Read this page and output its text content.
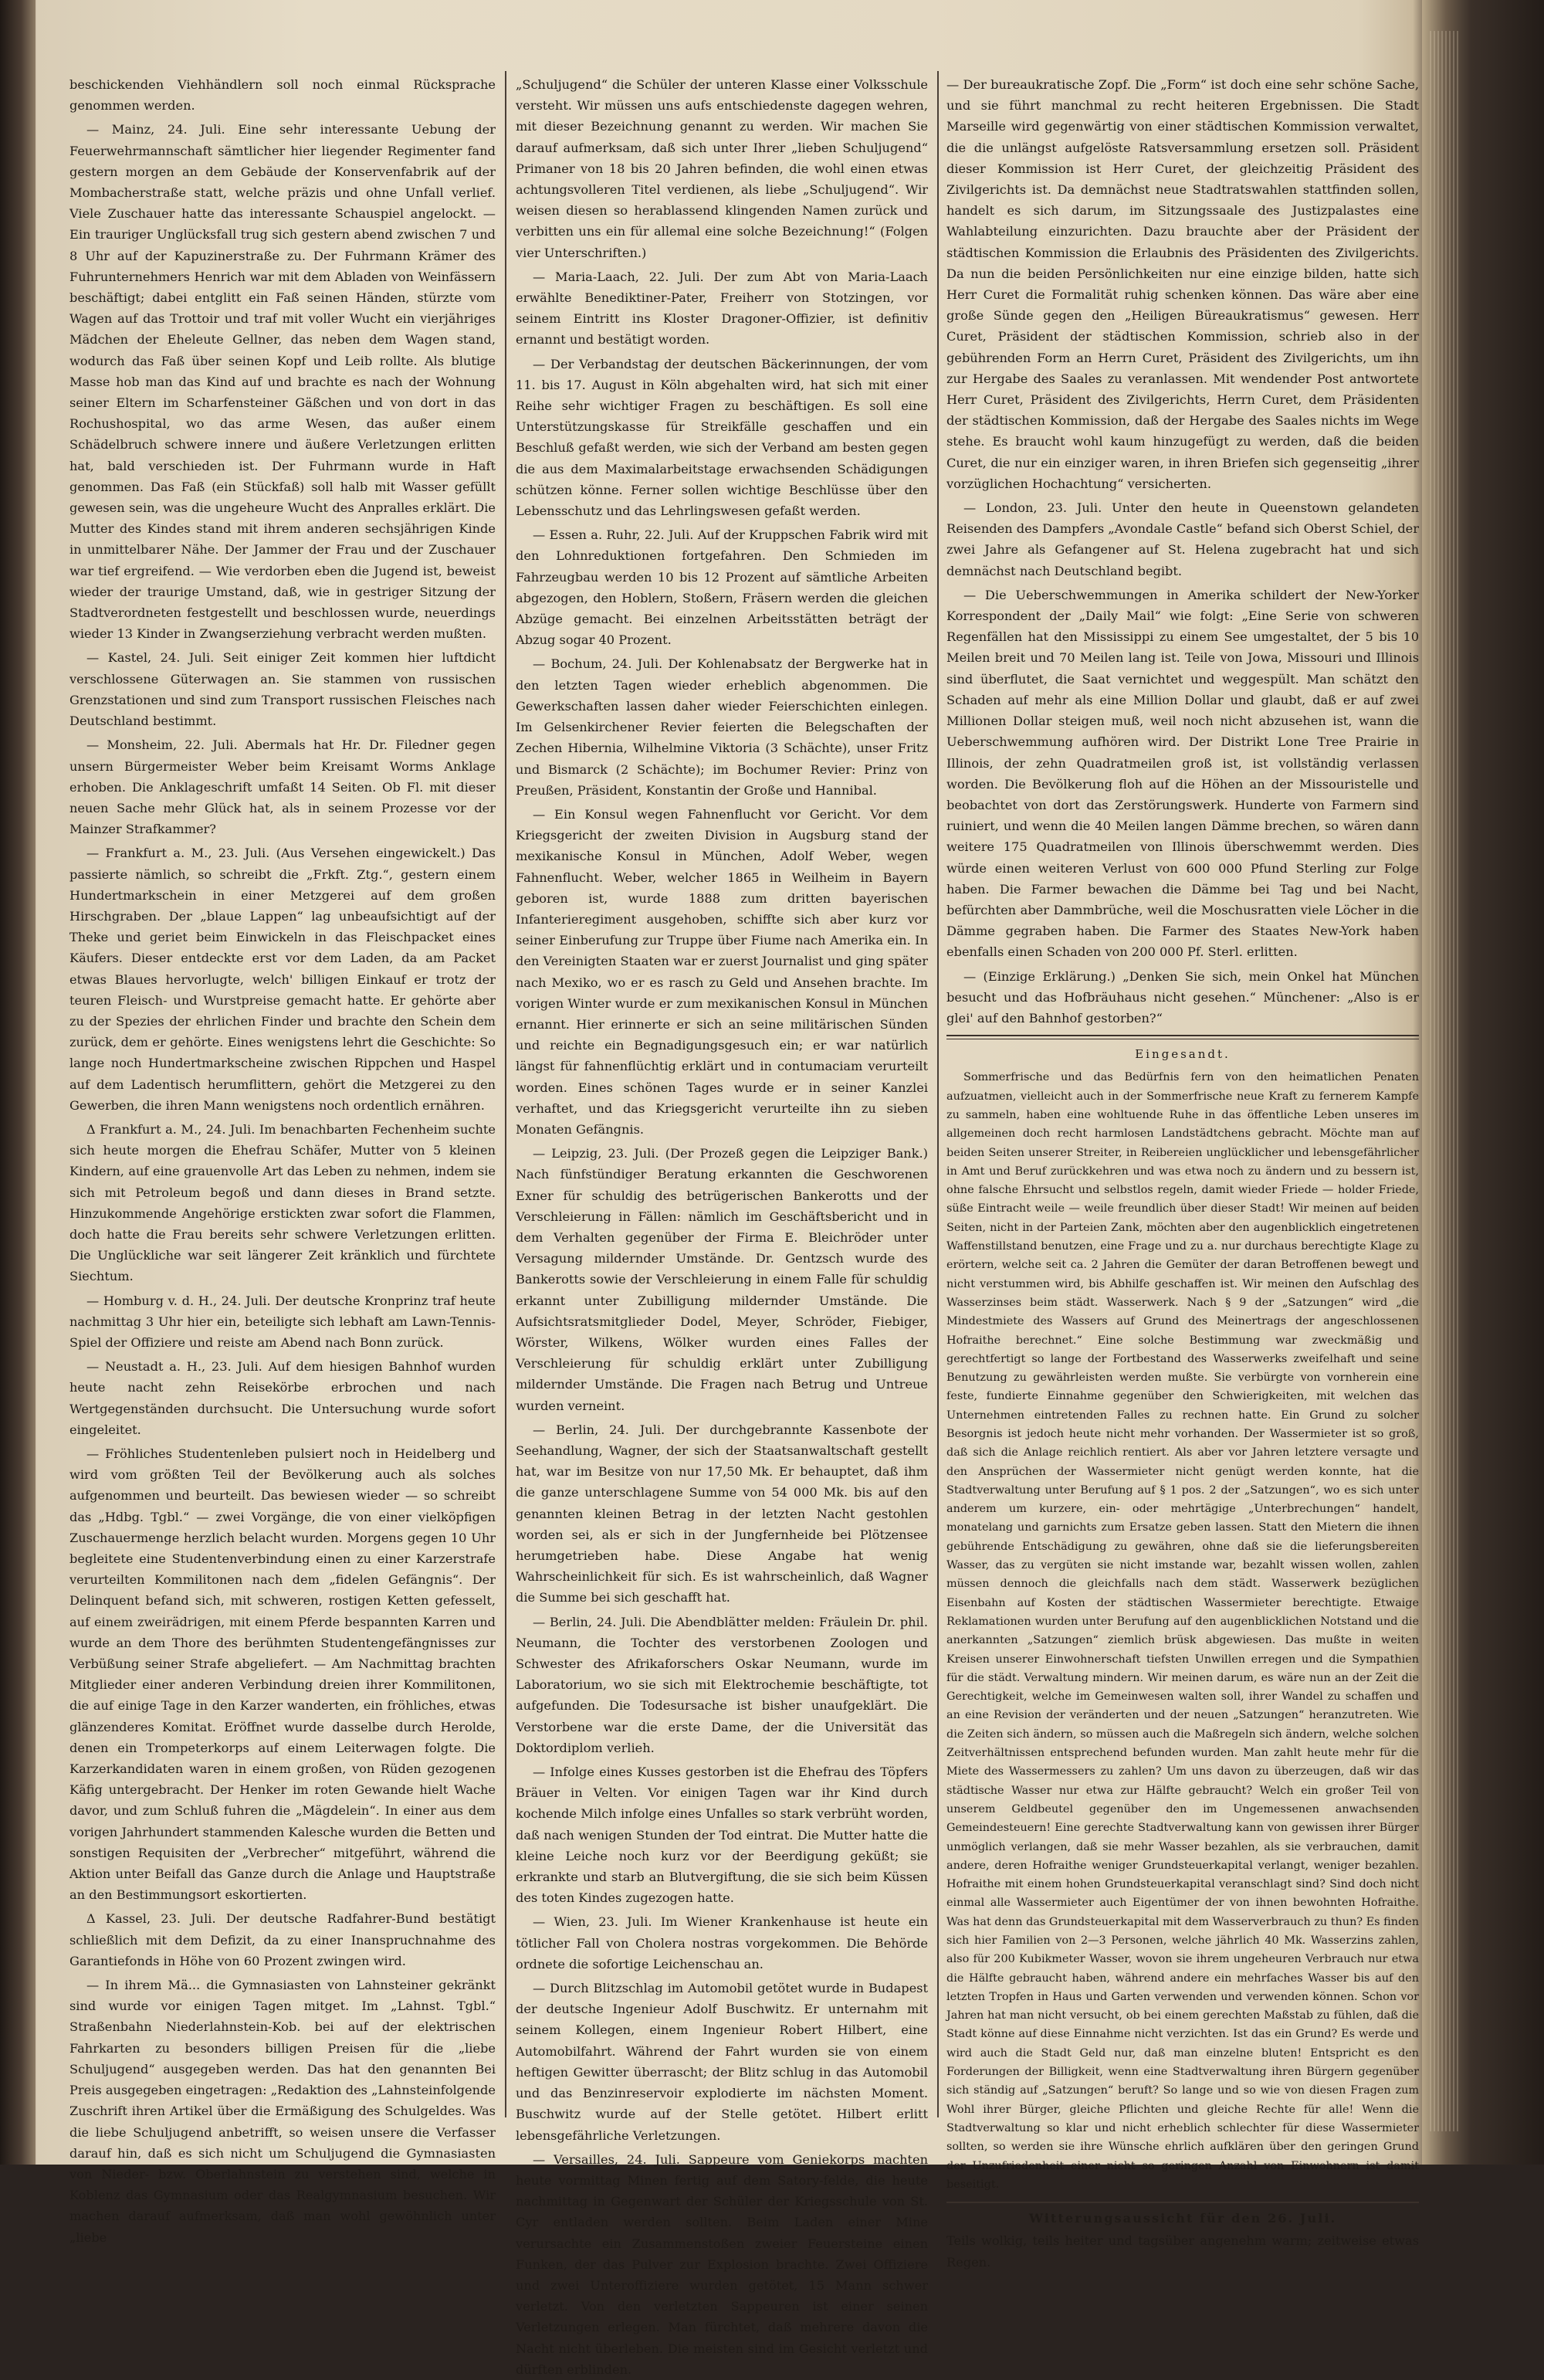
beschickenden Viehhändlern soll noch einmal Rücksprache genommen werden.

— Mainz, 24. Juli. Eine sehr interessante Uebung der Feuerwehrmannschaft sämtlicher hier liegender Regimenter fand gestern morgen an dem Gebäude der Konservenfabrik auf der Mombacherstraße statt, welche präzis und ohne Unfall verlief. Viele Zuschauer hatte das interessante Schauspiel angelockt. — Ein trauriger Unglücksfall trug sich gestern abend zwischen 7 und 8 Uhr auf der Kapuzinerstraße zu. Der Fuhrmann Krämer des Fuhrunternehmers Henrich war mit dem Abladen von Weinfässern beschäftigt; dabei entglitt ein Faß seinen Händen, stürzte vom Wagen auf das Trottoir und traf mit voller Wucht ein vierjähriges Mädchen der Eheleute Gellner, das neben dem Wagen stand, wodurch das Faß über seinen Kopf und Leib rollte. Als blutige Masse hob man das Kind auf und brachte es nach der Wohnung seiner Eltern im Scharfensteiner Gäßchen und von dort in das Rochushospital, wo das arme Wesen, das außer einem Schädelbruch schwere innere und äußere Verletzungen erlitten hat, bald verschieden ist. Der Fuhrmann wurde in Haft genommen. Das Faß (ein Stückfaß) soll halb mit Wasser gefüllt gewesen sein, was die ungeheure Wucht des Anpralles erklärt. Die Mutter des Kindes stand mit ihrem anderen sechsjährigen Kinde in unmittelbarer Nähe. Der Jammer der Frau und der Zuschauer war tief ergreifend. — Wie verdorben eben die Jugend ist, beweist wieder der traurige Umstand, daß, wie in gestriger Sitzung der Stadtverordneten festgestellt und beschlossen wurde, neuerdings wieder 13 Kinder in Zwangserziehung verbracht werden mußten.

— Kastel, 24. Juli. Seit einiger Zeit kommen hier luftdicht verschlossene Güterwagen an. Sie stammen von russischen Grenzstationen und sind zum Transport russischen Fleisches nach Deutschland bestimmt.

— Monsheim, 22. Juli. Abermals hat Hr. Dr. Filedner gegen unsern Bürgermeister Weber beim Kreisamt Worms Anklage erhoben. Die Anklageschrift umfaßt 14 Seiten. Ob Fl. mit dieser neuen Sache mehr Glück hat, als in seinem Prozesse vor der Mainzer Strafkammer?

— Frankfurt a. M., 23. Juli. (Aus Versehen eingewickelt.) Das passierte nämlich, so schreibt die „Frkft. Ztg.“, gestern einem Hundertmarkschein in einer Metzgerei auf dem großen Hirschgraben. Der „blaue Lappen“ lag unbeaufsichtigt auf der Theke und geriet beim Einwickeln in das Fleischpacket eines Käufers. Dieser entdeckte erst vor dem Laden, da am Packet etwas Blaues hervorlugte, welch' billigen Einkauf er trotz der teuren Fleisch- und Wurstpreise gemacht hatte. Er gehörte aber zu der Spezies der ehrlichen Finder und brachte den Schein dem zurück, dem er gehörte. Eines wenigstens lehrt die Geschichte: So lange noch Hundertmarkscheine zwischen Rippchen und Haspel auf dem Ladentisch herumflittern, gehört die Metzgerei zu den Gewerben, die ihren Mann wenigstens noch ordentlich ernähren.

Δ Frankfurt a. M., 24. Juli. Im benachbarten Fechenheim suchte sich heute morgen die Ehefrau Schäfer, Mutter von 5 kleinen Kindern, auf eine grauenvolle Art das Leben zu nehmen, indem sie sich mit Petroleum begoß und dann dieses in Brand setzte. Hinzukommende Angehörige erstickten zwar sofort die Flammen, doch hatte die Frau bereits sehr schwere Verletzungen erlitten. Die Unglückliche war seit längerer Zeit kränklich und fürchtete Siechtum.

— Homburg v. d. H., 24. Juli. Der deutsche Kronprinz traf heute nachmittag 3 Uhr hier ein, beteiligte sich lebhaft am Lawn-Tennis-Spiel der Offiziere und reiste am Abend nach Bonn zurück.

— Neustadt a. H., 23. Juli. Auf dem hiesigen Bahnhof wurden heute nacht zehn Reisekörbe erbrochen und nach Wertgegenständen durchsucht. Die Untersuchung wurde sofort eingeleitet.

— Fröhliches Studentenleben pulsiert noch in Heidelberg und wird vom größten Teil der Bevölkerung auch als solches aufgenommen und beurteilt. Das bewiesen wieder — so schreibt das „Hdbg. Tgbl.“ — zwei Vorgänge, die von einer vielköpfigen Zuschauermenge herzlich belacht wurden. Morgens gegen 10 Uhr begleitete eine Studentenverbindung einen zu einer Karzerstrafe verurteilten Kommilitonen nach dem „fidelen Gefängnis“. Der Delinquent befand sich, mit schweren, rostigen Ketten gefesselt, auf einem zweirädrigen, mit einem Pferde bespannten Karren und wurde an dem Thore des berühmten Studentengefängnisses zur Verbüßung seiner Strafe abgeliefert. — Am Nachmittag brachten Mitglieder einer anderen Verbindung dreien ihrer Kommilitonen, die auf einige Tage in den Karzer wanderten, ein fröhliches, etwas glänzenderes Komitat. Eröffnet wurde dasselbe durch Herolde, denen ein Trompeterkorps auf einem Leiterwagen folgte. Die Karzerkandidaten waren in einem großen, von Rüden gezogenen Käfig untergebracht. Der Henker im roten Gewande hielt Wache davor, und zum Schluß fuhren die „Mägdelein“. In einer aus dem vorigen Jahrhundert stammenden Kalesche wurden die Betten und sonstigen Requisiten der „Verbrecher“ mitgeführt, während die Aktion unter Beifall das Ganze durch die Anlage und Hauptstraße an den Bestimmungsort eskortierten.

Δ Kassel, 23. Juli. Der deutsche Radfahrer-Bund bestätigt schließlich mit dem Defizit, da zu einer Inanspruchnahme des Garantiefonds in Höhe von 60 Prozent zwingen wird.

— In ihrem Mä... die Gymnasiasten von Lahnsteiner gekränkt sind wurde vor einigen Tagen mitget. Im „Lahnst. Tgbl.“ Straßenbahn Niederlahnstein-Kob. bei auf der elektrischen Fahrkarten zu besonders billigen Preisen für die „liebe Schuljugend“ ausgegeben werden. Das hat den genannten Bei Preis ausgegeben eingetragen: „Redaktion des „Lahnsteinfolgende Zuschrift ihren Artikel über die Ermäßigung des Schulgeldes. Was die liebe Schuljugend anbetrifft, so weisen unsere die Verfasser darauf hin, daß es sich nicht um Schuljugend die Gymnasiasten von Nieder- bzw. Oberlahnstein zu verstehen sind, welche in Koblenz das Gymnasium oder das Realgymnasium besuchen. Wir machen darauf aufmerksam, daß man wohl gewöhnlich unter „liebe

„Schuljugend“ die Schüler der unteren Klasse einer Volksschule versteht. Wir müssen uns aufs entschiedenste dagegen wehren, mit dieser Bezeichnung genannt zu werden. Wir machen Sie darauf aufmerksam, daß sich unter Ihrer „lieben Schuljugend“ Primaner von 18 bis 20 Jahren befinden, die wohl einen etwas achtungsvolleren Titel verdienen, als liebe „Schuljugend“. Wir weisen diesen so herablassend klingenden Namen zurück und verbitten uns ein für allemal eine solche Bezeichnung!“ (Folgen vier Unterschriften.)

— Maria-Laach, 22. Juli. Der zum Abt von Maria-Laach erwählte Benediktiner-Pater, Freiherr von Stotzingen, vor seinem Eintritt ins Kloster Dragoner-Offizier, ist definitiv ernannt und bestätigt worden.

— Der Verbandstag der deutschen Bäckerinnungen, der vom 11. bis 17. August in Köln abgehalten wird, hat sich mit einer Reihe sehr wichtiger Fragen zu beschäftigen. Es soll eine Unterstützungskasse für Streikfälle geschaffen und ein Beschluß gefaßt werden, wie sich der Verband am besten gegen die aus dem Maximalarbeitstage erwachsenden Schädigungen schützen könne. Ferner sollen wichtige Beschlüsse über den Lebensschutz und das Lehrlingswesen gefaßt werden.

— Essen a. Ruhr, 22. Juli. Auf der Kruppschen Fabrik wird mit den Lohnreduktionen fortgefahren. Den Schmieden im Fahrzeugbau werden 10 bis 12 Prozent auf sämtliche Arbeiten abgezogen, den Hoblern, Stoßern, Fräsern werden die gleichen Abzüge gemacht. Bei einzelnen Arbeitsstätten beträgt der Abzug sogar 40 Prozent.

— Bochum, 24. Juli. Der Kohlenabsatz der Bergwerke hat in den letzten Tagen wieder erheblich abgenommen. Die Gewerkschaften lassen daher wieder Feierschichten einlegen. Im Gelsenkirchener Revier feierten die Belegschaften der Zechen Hibernia, Wilhelmine Viktoria (3 Schächte), unser Fritz und Bismarck (2 Schächte); im Bochumer Revier: Prinz von Preußen, Präsident, Konstantin der Große und Hannibal.

— Ein Konsul wegen Fahnenflucht vor Gericht. Vor dem Kriegsgericht der zweiten Division in Augsburg stand der mexikanische Konsul in München, Adolf Weber, wegen Fahnenflucht. Weber, welcher 1865 in Weilheim in Bayern geboren ist, wurde 1888 zum dritten bayerischen Infanterieregiment ausgehoben, schiffte sich aber kurz vor seiner Einberufung zur Truppe über Fiume nach Amerika ein. In den Vereinigten Staaten war er zuerst Journalist und ging später nach Mexiko, wo er es rasch zu Geld und Ansehen brachte. Im vorigen Winter wurde er zum mexikanischen Konsul in München ernannt. Hier erinnerte er sich an seine militärischen Sünden und reichte ein Begnadigungsgesuch ein; er war natürlich längst für fahnenflüchtig erklärt und in contumaciam verurteilt worden. Eines schönen Tages wurde er in seiner Kanzlei verhaftet, und das Kriegsgericht verurteilte ihn zu sieben Monaten Gefängnis.

— Leipzig, 23. Juli. (Der Prozeß gegen die Leipziger Bank.) Nach fünfstündiger Beratung erkannten die Geschworenen Exner für schuldig des betrügerischen Bankerotts und der Verschleierung in Fällen: nämlich im Geschäftsbericht und in dem Verhalten gegenüber der Firma E. Bleichröder unter Versagung mildernder Umstände. Dr. Gentzsch wurde des Bankerotts sowie der Verschleierung in einem Falle für schuldig erkannt unter Zubilligung mildernder Umstände. Die Aufsichtsratsmitglieder Dodel, Meyer, Schröder, Fiebiger, Wörster, Wilkens, Wölker wurden eines Falles der Verschleierung für schuldig erklärt unter Zubilligung mildernder Umstände. Die Fragen nach Betrug und Untreue wurden verneint.

— Berlin, 24. Juli. Der durchgebrannte Kassenbote der Seehandlung, Wagner, der sich der Staatsanwaltschaft gestellt hat, war im Besitze von nur 17,50 Mk. Er behauptet, daß ihm die ganze unterschlagene Summe von 54 000 Mk. bis auf den genannten kleinen Betrag in der letzten Nacht gestohlen worden sei, als er sich in der Jungfernheide bei Plötzensee herumgetrieben habe. Diese Angabe hat wenig Wahrscheinlichkeit für sich. Es ist wahrscheinlich, daß Wagner die Summe bei sich geschafft hat.

— Berlin, 24. Juli. Die Abendblätter melden: Fräulein Dr. phil. Neumann, die Tochter des verstorbenen Zoologen und Schwester des Afrikaforschers Oskar Neumann, wurde im Laboratorium, wo sie sich mit Elektrochemie beschäftigte, tot aufgefunden. Die Todesursache ist bisher unaufgeklärt. Die Verstorbene war die erste Dame, der die Universität das Doktordiplom verlieh.

— Infolge eines Kusses gestorben ist die Ehefrau des Töpfers Bräuer in Velten. Vor einigen Tagen war ihr Kind durch kochende Milch infolge eines Unfalles so stark verbrüht worden, daß nach wenigen Stunden der Tod eintrat. Die Mutter hatte die kleine Leiche noch kurz vor der Beerdigung geküßt; sie erkrankte und starb an Blutvergiftung, die sie sich beim Küssen des toten Kindes zugezogen hatte.

— Wien, 23. Juli. Im Wiener Krankenhause ist heute ein tötlicher Fall von Cholera nostras vorgekommen. Die Behörde ordnete die sofortige Leichenschau an.

— Durch Blitzschlag im Automobil getötet wurde in Budapest der deutsche Ingenieur Adolf Buschwitz. Er unternahm mit seinem Kollegen, einem Ingenieur Robert Hilbert, eine Automobilfahrt. Während der Fahrt wurden sie von einem heftigen Gewitter überrascht; der Blitz schlug in das Automobil und das Benzinreservoir explodierte im nächsten Moment. Buschwitz wurde auf der Stelle getötet. Hilbert erlitt lebensgefährliche Verletzungen.

— Versailles, 24. Juli. Sappeure vom Geniekorps machten heute vormittag Minen fertig auf dem Satory-felde, die heute nachmittag in Gegenwart der Schüler der Kriegsschule von St. Cyr entladen werden sollten. Beim Laden einer Mine verursachte ein Zusammenstoßen zweier Feuersteine einen Funken, der das Pulver zur Explosion brachte. Zwei Offiziere und zwei Unteroffiziere wurden getötet, 15 Mann schwer verletzt. Von den verletzten Sappeuren ist einer seinen Verletzungen erlegen. Man fürchtet, daß mehrere davon die Nacht nicht überleben. Die meisten sind im Gesicht verletzt und dürften erblinden.

— Der bureaukratische Zopf. Die „Form“ ist doch eine sehr schöne Sache, und sie führt manchmal zu recht heiteren Ergebnissen. Die Stadt Marseille wird gegenwärtig von einer städtischen Kommission verwaltet, die die unlängst aufgelöste Ratsversammlung ersetzen soll. Präsident dieser Kommission ist Herr Curet, der gleichzeitig Präsident des Zivilgerichts ist. Da demnächst neue Stadtratswahlen stattfinden sollen, handelt es sich darum, im Sitzungssaale des Justizpalastes eine Wahlabteilung einzurichten. Dazu brauchte aber der Präsident der städtischen Kommission die Erlaubnis des Präsidenten des Zivilgerichts. Da nun die beiden Persönlichkeiten nur eine einzige bilden, hatte sich Herr Curet die Formalität ruhig schenken können. Das wäre aber eine große Sünde gegen den „Heiligen Büreaukratismus“ gewesen. Herr Curet, Präsident der städtischen Kommission, schrieb also in der gebührenden Form an Herrn Curet, Präsident des Zivilgerichts, um ihn zur Hergabe des Saales zu veranlassen. Mit wendender Post antwortete Herr Curet, Präsident des Zivilgerichts, Herrn Curet, dem Präsidenten der städtischen Kommission, daß der Hergabe des Saales nichts im Wege stehe. Es braucht wohl kaum hinzugefügt zu werden, daß die beiden Curet, die nur ein einziger waren, in ihren Briefen sich gegenseitig „ihrer vorzüglichen Hochachtung“ versicherten.

— London, 23. Juli. Unter den heute in Queenstown gelandeten Reisenden des Dampfers „Avondale Castle“ befand sich Oberst Schiel, der zwei Jahre als Gefangener auf St. Helena zugebracht hat und sich demnächst nach Deutschland begibt.

— Die Ueberschwemmungen in Amerika schildert der New-Yorker Korrespondent der „Daily Mail“ wie folgt: „Eine Serie von schweren Regenfällen hat den Mississippi zu einem See umgestaltet, der 5 bis 10 Meilen breit und 70 Meilen lang ist. Teile von Jowa, Missouri und Illinois sind überflutet, die Saat vernichtet und weggespült. Man schätzt den Schaden auf mehr als eine Million Dollar und glaubt, daß er auf zwei Millionen Dollar steigen muß, weil noch nicht abzusehen ist, wann die Ueberschwemmung aufhören wird. Der Distrikt Lone Tree Prairie in Illinois, der zehn Quadratmeilen groß ist, ist vollständig verlassen worden. Die Bevölkerung floh auf die Höhen an der Missouristelle und beobachtet von dort das Zerstörungswerk. Hunderte von Farmern sind ruiniert, und wenn die 40 Meilen langen Dämme brechen, so wären dann weitere 175 Quadratmeilen von Illinois überschwemmt werden. Dies würde einen weiteren Verlust von 600 000 Pfund Sterling zur Folge haben. Die Farmer bewachen die Dämme bei Tag und bei Nacht, befürchten aber Dammbrüche, weil die Moschusratten viele Löcher in die Dämme gegraben haben. Die Farmer des Staates New-York haben ebenfalls einen Schaden von 200 000 Pf. Sterl. erlitten.

— (Einzige Erklärung.) „Denken Sie sich, mein Onkel hat München besucht und das Hofbräuhaus nicht gesehen.“ Münchener: „Also is er glei' auf den Bahnhof gestorben?“

Eingesandt.

Sommerfrische und das Bedürfnis fern von den heimatlichen Penaten aufzuatmen, vielleicht auch in der Sommerfrische neue Kraft zu fernerem Kampfe zu sammeln, haben eine wohltuende Ruhe in das öffentliche Leben unseres im allgemeinen doch recht harmlosen Landstädtchens gebracht. Möchte man auf beiden Seiten unserer Streiter, in Reibereien unglücklicher und lebensgefährlicher in Amt und Beruf zurückkehren und was etwa noch zu ändern und zu bessern ist, ohne falsche Ehrsucht und selbstlos regeln, damit wieder Friede — holder Friede, süße Eintracht weile — weile freundlich über dieser Stadt! Wir meinen auf beiden Seiten, nicht in der Parteien Zank, möchten aber den augenblicklich eingetretenen Waffenstillstand benutzen, eine Frage und zu a. nur durchaus berechtigte Klage zu erörtern, welche seit ca. 2 Jahren die Gemüter der daran Betroffenen bewegt und nicht verstummen wird, bis Abhilfe geschaffen ist. Wir meinen den Aufschlag des Wasserzinses beim städt. Wasserwerk. Nach § 9 der „Satzungen“ wird „die Mindestmiete des Wassers auf Grund des Meinertrags der angeschlossenen Hofraithe berechnet.“ Eine solche Bestimmung war zweckmäßig und gerechtfertigt so lange der Fortbestand des Wasserwerks zweifelhaft und seine Benutzung zu gewährleisten werden mußte. Sie verbürgte von vornherein eine feste, fundierte Einnahme gegenüber den Schwierigkeiten, mit welchen das Unternehmen eintretenden Falles zu rechnen hatte. Ein Grund zu solcher Besorgnis ist jedoch heute nicht mehr vorhanden. Der Wassermieter ist so groß, daß sich die Anlage reichlich rentiert. Als aber vor Jahren letztere versagte und den Ansprüchen der Wassermieter nicht genügt werden konnte, hat die Stadtverwaltung unter Berufung auf § 1 pos. 2 der „Satzungen“, wo es sich unter anderem um kurzere, ein- oder mehrtägige „Unterbrechungen“ handelt, monatelang und garnichts zum Ersatze geben lassen. Statt den Mietern die ihnen gebührende Entschädigung zu gewähren, ohne daß sie die lieferungsbereiten Wasser, das zu vergüten sie nicht imstande war, bezahlt wissen wollen, zahlen müssen dennoch die gleichfalls nach dem städt. Wasserwerk bezüglichen Eisenbahn auf Kosten der städtischen Wassermieter berechtigte. Etwaige Reklamationen wurden unter Berufung auf den augenblicklichen Notstand und die anerkannten „Satzungen“ ziemlich brüsk abgewiesen. Das mußte in weiten Kreisen unserer Einwohnerschaft tiefsten Unwillen erregen und die Sympathien für die städt. Verwaltung mindern. Wir meinen darum, es wäre nun an der Zeit die Gerechtigkeit, welche im Gemeinwesen walten soll, ihrer Wandel zu schaffen und an eine Revision der veränderten und der neuen „Satzungen“ heranzutreten. Wie die Zeiten sich ändern, so müssen auch die Maßregeln sich ändern, welche solchen Zeitverhältnissen entsprechend befunden wurden. Man zahlt heute mehr für die Miete des Wassermessers zu zahlen? Um uns davon zu überzeugen, daß wir das städtische Wasser nur etwa zur Hälfte gebraucht? Welch ein großer Teil von unserem Geldbeutel gegenüber den im Ungemessenen anwachsenden Gemeindesteuern! Eine gerechte Stadtverwaltung kann von gewissen ihrer Bürger unmöglich verlangen, daß sie mehr Wasser bezahlen, als sie verbrauchen, damit andere, deren Hofraithe weniger Grundsteuerkapital verlangt, weniger bezahlen. Hofraithe mit einem hohen Grundsteuerkapital veranschlagt sind? Sind doch nicht einmal alle Wassermieter auch Eigentümer der von ihnen bewohnten Hofraithe. Was hat denn das Grundsteuerkapital mit dem Wasserverbrauch zu thun? Es finden sich hier Familien von 2—3 Personen, welche jährlich 40 Mk. Wasserzins zahlen, also für 200 Kubikmeter Wasser, wovon sie ihrem ungeheuren Verbrauch nur etwa die Hälfte gebraucht haben, während andere ein mehrfaches Wasser bis auf den letzten Tropfen in Haus und Garten verwenden und verwenden können. Schon vor Jahren hat man nicht versucht, ob bei einem gerechten Maßstab zu fühlen, daß die Stadt könne auf diese Einnahme nicht verzichten. Ist das ein Grund? Es werde und wird auch die Stadt Geld nur, daß man einzelne bluten! Entspricht es den Forderungen der Billigkeit, wenn eine Stadtverwaltung ihren Bürgern gegenüber sich ständig auf „Satzungen“ beruft? So lange und so wie von diesen Fragen zum Wohl ihrer Bürger, gleiche Pflichten und gleiche Rechte für alle! Wenn die Stadtverwaltung so klar und nicht erheblich schlechter für diese Wassermieter sollten, so werden sie ihre Wünsche ehrlich aufklären über den geringen Grund der Unzufriedenheit einer nicht so geringen Anzahl von Einwohnern ist damit beseitigt.

Witterungsaussicht für den 26. Juli.

Teils wolkig, teils heiter und tagsüber angenehm warm; zeitweise etwas Regen.
